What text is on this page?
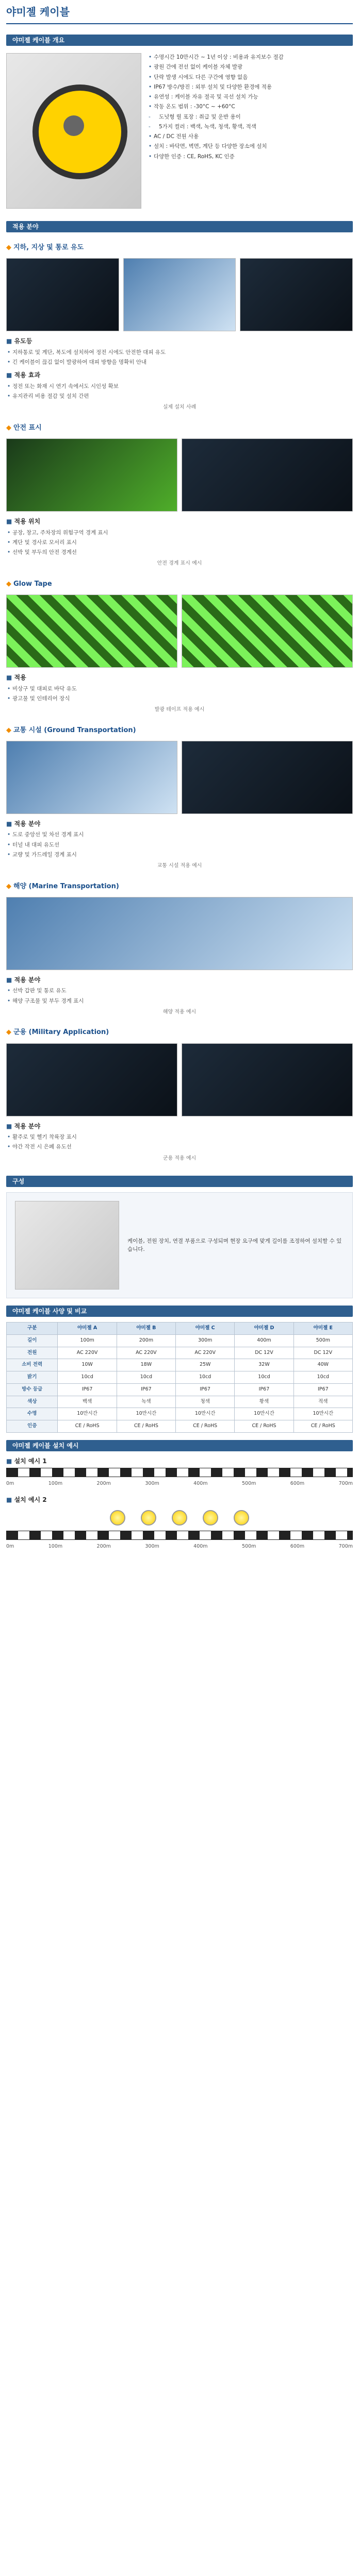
야미젤 케이블
야미젤 케이블 개요
• 수명시간 10만시간 ~ 1년 이상 : 비용과 유지보수 절감
• 광원 간에 전선 없이 케이블 자체 발광
• 단락 발생 시에도 다른 구간에 영향 없음
• IP67 방수/방진 : 외부 설치 및 다양한 환경에 적용
• 유연성 : 케이블 자유 절곡 및 곡선 설치 가능
• 작동 온도 범위 : -30°C ~ +60°C
- 도넛형 릴 포장 : 취급 및 운반 용이
- 5가지 컬러 : 백색, 녹색, 청색, 황색, 적색
• AC / DC 전원 사용
• 설치 : 바닥면, 벽면, 계단 등 다양한 장소에 설치
• 다양한 인증 : CE, RoHS, KC 인증
적용 분야
◆ 지하, 지상 및 통로 유도
■ 유도등
• 지하통로 및 계단, 복도에 설치하여 정전 시에도 안전한 대피 유도
• 긴 케이블이 끊김 없이 발광하여 대피 방향을 명확히 안내
■ 적용 효과
• 정전 또는 화재 시 연기 속에서도 시인성 확보
• 유지관리 비용 절감 및 설치 간편
실제 설치 사례
◆ 안전 표시
■ 적용 위치
• 공장, 창고, 주차장의 위험구역 경계 표시
• 계단 및 경사로 모서리 표시
• 선박 및 부두의 안전 경계선
안전 경계 표시 예시
◆ Glow Tape
■ 적용
• 비상구 및 대피로 바닥 유도
• 광고물 및 인테리어 장식
발광 테이프 적용 예시
◆ 교통 시설 (Ground Transportation)
■ 적용 분야
• 도로 중앙선 및 차선 경계 표시
• 터널 내 대피 유도선
• 교량 및 가드레일 경계 표시
교통 시설 적용 예시
◆ 해양 (Marine Transportation)
■ 적용 분야
• 선박 갑판 및 통로 유도
• 해양 구조물 및 부두 경계 표시
해양 적용 예시
◆ 군용 (Military Application)
■ 적용 분야
• 활주로 및 헬기 착륙장 표시
• 야간 작전 시 은폐 유도선
군용 적용 예시
구성
케이블, 전원 장치, 연결 부품으로 구성되며 현장 요구에 맞게 길이를 조정하여 설치할 수 있습니다.
야미젤 케이블 사양 및 비교
구분	야미젤 A	야미젤 B	야미젤 C	야미젤 D	야미젤 E
길이	100m	200m	300m	400m	500m
전원	AC 220V	AC 220V	AC 220V	DC 12V	DC 12V
소비 전력	10W	18W	25W	32W	40W
밝기	10cd	10cd	10cd	10cd	10cd
방수 등급	IP67	IP67	IP67	IP67	IP67
색상	백색	녹색	청색	황색	적색
수명	10만시간	10만시간	10만시간	10만시간	10만시간
인증	CE / RoHS	CE / RoHS	CE / RoHS	CE / RoHS	CE / RoHS
야미젤 케이블 설치 예시
■ 설치 예시 1
0m	100m	200m	300m	400m	500m	600m	700m
■ 설치 예시 2
0m	100m	200m	300m	400m	500m	600m	700m
